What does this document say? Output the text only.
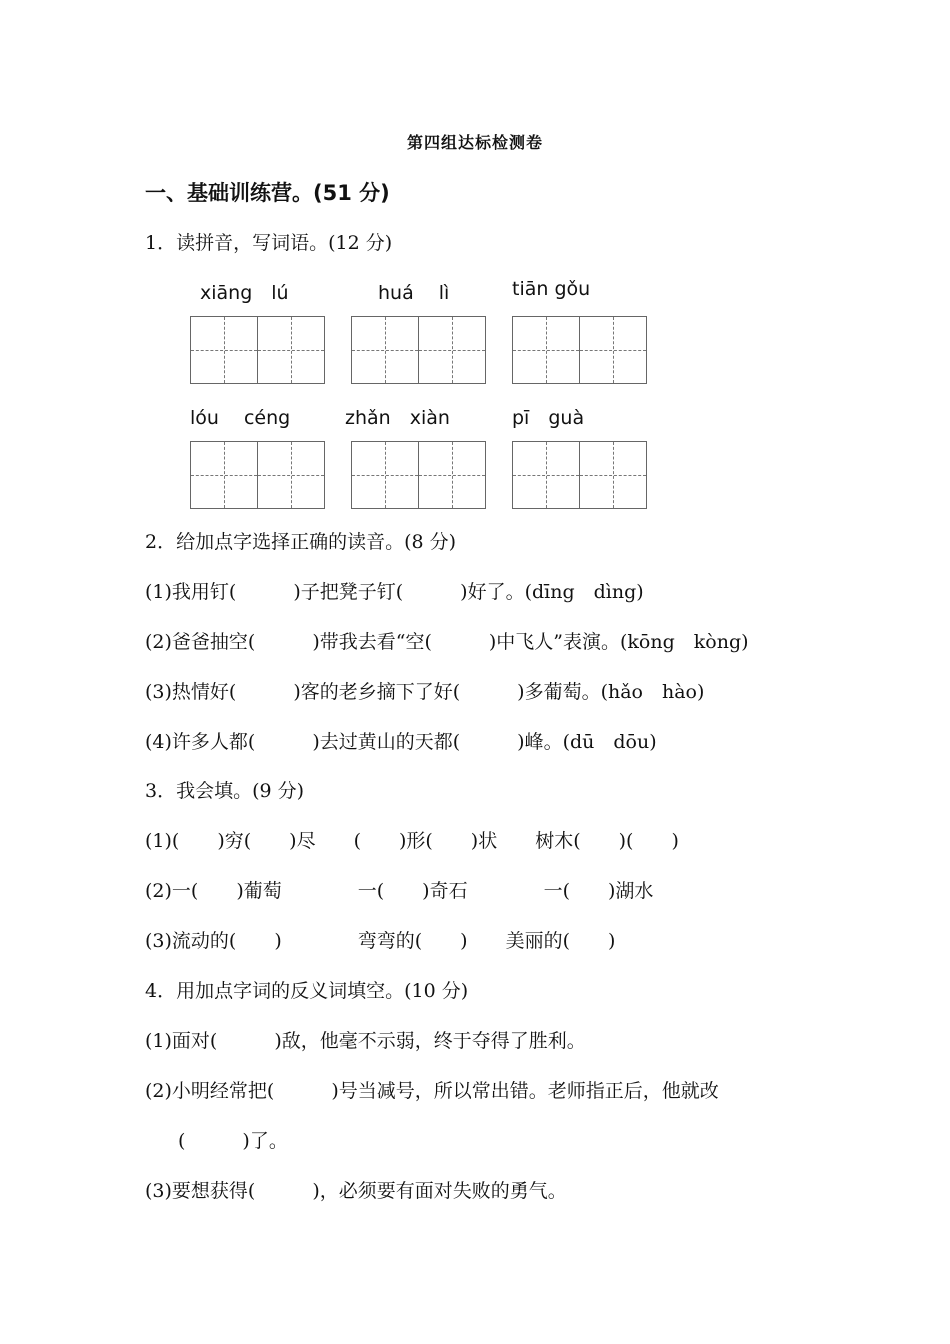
第四组达标检测卷
一、基础训练营。(51 分)
1．读拼音，写词语。(12 分)
xiāng　lú	huá　 lì	tiān gǒu
lóu　 céng	zhǎn　xiàn	pī　guà
2．给加点字选择正确的读音。(8 分)
(1)我用钉(　　　)子把凳子钉(　　　)好了。(dīng　dìng)
(2)爸爸抽空(　　　)带我去看“空(　　　)中飞人”表演。(kōng　kòng)
(3)热情好(　　　)客的老乡摘下了好(　　　)多葡萄。(hǎo　hào)
(4)许多人都(　　　)去过黄山的天都(　　　)峰。(dū　dōu)
3．我会填。(9 分)
(1)(　　)穷(　　)尽　　(　　)形(　　)状　　树木(　　)(　　)
(2)一(　　)葡萄　　　　一(　　)奇石　　　　一(　　)湖水
(3)流动的(　　)　　　　弯弯的(　　)　　美丽的(　　)
4．用加点字词的反义词填空。(10 分)
(1)面对(　　　)敌，他毫不示弱，终于夺得了胜利。
(2)小明经常把(　　　)号当减号，所以常出错。老师指正后，他就改
(　　　)了。
(3)要想获得(　　　)，必须要有面对失败的勇气。
